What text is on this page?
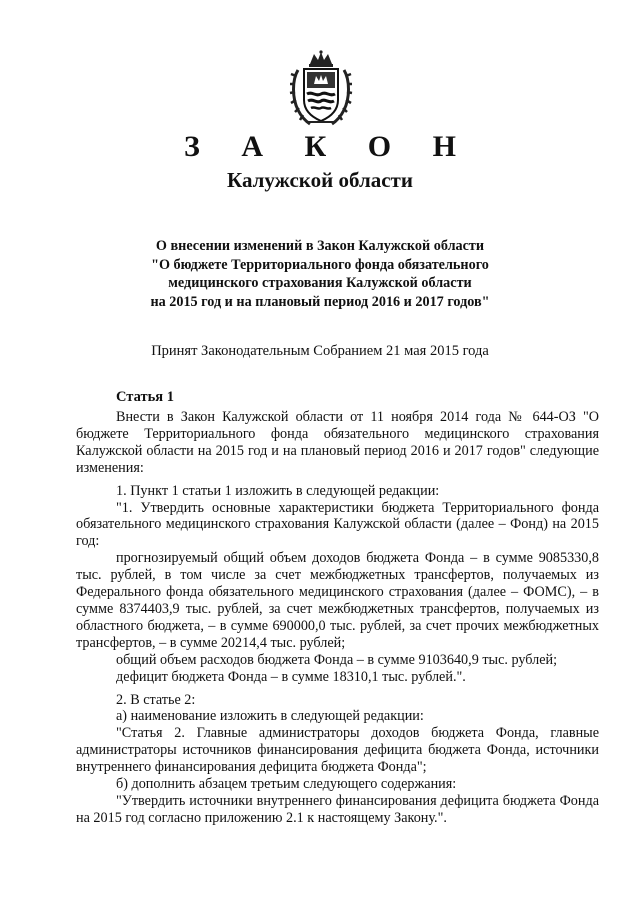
З А К О Н
Калужской области
О внесении изменений в Закон Калужской области
"О бюджете Территориального фонда обязательного
медицинского страхования Калужской области
на 2015 год и на плановый период 2016 и 2017 годов"
Принят Законодательным Собранием 21 мая 2015 года
Статья 1

Внести в Закон Калужской области от 11 ноября 2014 года № 644-ОЗ "О бюджете Территориального фонда обязательного медицинского страхования Калужской области на 2015 год и на плановый период 2016 и 2017 годов" следующие изменения:

1. Пункт 1 статьи 1 изложить в следующей редакции:

"1. Утвердить основные характеристики бюджета Территориального фонда обязательного медицинского страхования Калужской области (далее – Фонд) на 2015 год:

прогнозируемый общий объем доходов бюджета Фонда – в сумме 9085330,8 тыс. рублей, в том числе за счет межбюджетных трансфертов, получаемых из Федерального фонда обязательного медицинского страхования (далее – ФОМС), – в сумме 8374403,9 тыс. рублей, за счет межбюджетных трансфертов, получаемых из областного бюджета, – в сумме 690000,0 тыс. рублей, за счет прочих межбюджетных трансфертов, – в сумме 20214,4 тыс. рублей;

общий объем расходов бюджета Фонда – в сумме 9103640,9 тыс. рублей;

дефицит бюджета Фонда – в сумме 18310,1 тыс. рублей.".

2. В статье 2:

а) наименование изложить в следующей редакции:

"Статья 2. Главные администраторы доходов бюджета Фонда, главные администраторы источников финансирования дефицита бюджета Фонда, источники внутреннего финансирования дефицита бюджета Фонда";

б) дополнить абзацем третьим следующего содержания:

"Утвердить источники внутреннего финансирования дефицита бюджета Фонда на 2015 год согласно приложению 2.1 к настоящему Закону.".
